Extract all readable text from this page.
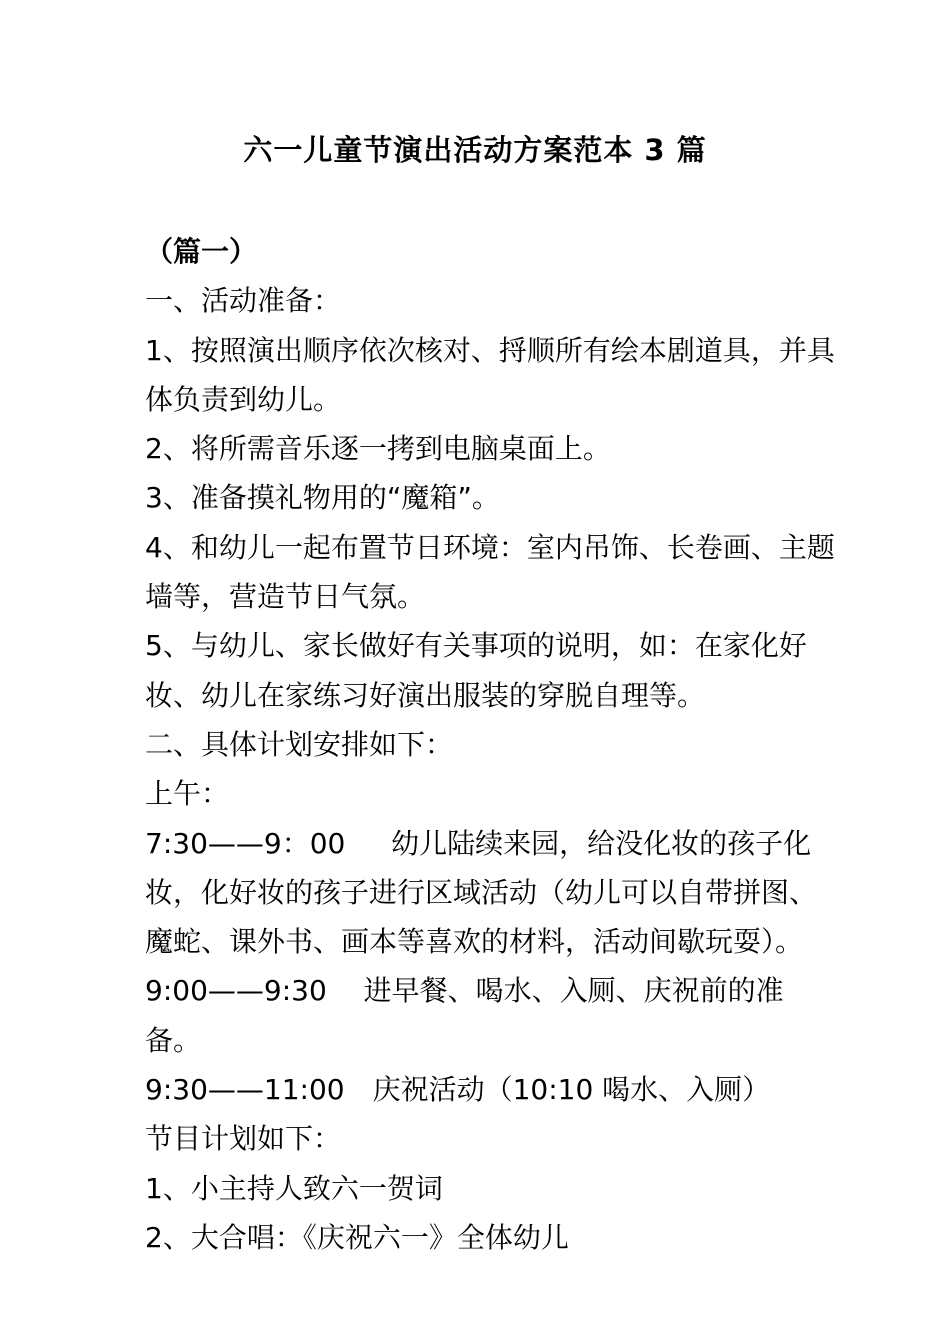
六一儿童节演出活动方案范本 3 篇

（篇一）

一、活动准备：

1、按照演出顺序依次核对、捋顺所有绘本剧道具，并具体负责到幼儿。

2、将所需音乐逐一拷到电脑桌面上。

3、准备摸礼物用的“魔箱”。

4、和幼儿一起布置节日环境：室内吊饰、长卷画、主题墙等，营造节日气氛。

5、与幼儿、家长做好有关事项的说明，如：在家化好妆、幼儿在家练习好演出服装的穿脱自理等。

二、具体计划安排如下：

上午：

7:30——9：00　  幼儿陆续来园，给没化妆的孩子化妆，化好妆的孩子进行区域活动（幼儿可以自带拼图、魔蛇、课外书、画本等喜欢的材料，活动间歇玩耍）。

9:00——9:30　 进早餐、喝水、入厕、庆祝前的准备。

9:30——11:00　庆祝活动（10:10 喝水、入厕）

节目计划如下：

1、小主持人致六一贺词

2、大合唱：《庆祝六一》全体幼儿
